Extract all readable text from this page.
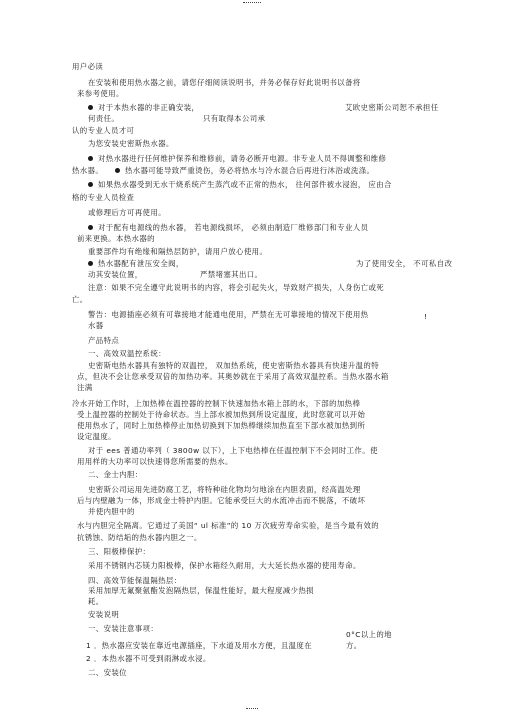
用户必读
在安装和使用热水器之前，请您仔细阅读说明书，并务必保存好此说明书以备将
来参考使用。
对于本热水器的非正确安装，	艾欧史密斯公司恕不承担任
何责任。	只有取得本公司承
认的专业人员才可
为您安装史密斯热水器。
对热水器进行任何维护保养和维修前，请务必断开电源。非专业人员不得调整和维修
热水器。	热水器可能导致严重烫伤，务必将热水与冷水混合后再进行沐浴或洗涤。
如果热水器受到无水干烧系统产生蒸汽或不正常的热水， 往何部件被水浸泡， 应由合
格的专业人员检查
或修理后方可再使用。
对于配有电源线的热水器， 若电源线损坏， 必须由制造厂维修部门和专业人员
前来更换。本热水器的
重要部件均有绝缘和隔热层防护，请用户放心使用。
热水器配有泄压安全阀，	为了使用安全， 不可私自改
动其安装位置，	严禁堵塞其出口。
注意：如果不完全遵守此说明书的内容，将会引起失火，导致财产损失，人身伤亡或死
亡。
警告：电源插座必须有可靠接地才能通电使用，严禁在无可靠接地的情况下使用热
水器
产品特点
一、高效双温控系统：
史密斯电热水器具有独特的双温控， 双加热系统，使史密斯热水器具有快速升温的特
点，但决不会让您承受双倍的加热功率。其奥妙就在于采用了高效双温控系。当热水器水箱
注满
冷水开始工作时，上加热棒在温控器的控制下快速加热水箱上部的水，下部的加热棒
受上温控器的控制处于待命状态。当上部水被加热到所设定温度，此时您就可以开始
使用热水了，同时上加热棒停止加热切换到下加热棒继续加热直至下部水被加热到所
设定温度。
对于 ees 普通功率列（ 3800w 以下），上下电热棒在任温控制下不会同时工作。使
用用样的大功率可以快速得您所需要的热水。
二、金士内胆：
史密斯公司运用先进防腐工艺，将特种硅化物均匀地涂在内胆表面，经高温处理
后与内壁融为一体，形成金士特护内胆。它能承受巨大的水流冲击而不脱落，不破坏
并使内胆中的
水与内胆完全隔离。它通过了美国“ ul 标准”的 10 万次疲劳寿命实验，是当今最有效的
抗锈蚀、防结垢的热水器内胆之一。
三、阳极棒保护：
采用不锈钢内芯镁力阳极棒，保护水箱经久耐用，大大延长热水器的使用寿命。
四、高效节能保温隔热层：
采用加厚无氟聚氨酯发泡隔热层，保温性能好，最大程度减少热损
耗。
安装说明
一、安装注意事项：
0°C以上的地
1 ．热水器应安装在靠近电源插座，下水道及用水方便，且温度在	方。
2 ．本热水器不可受到雨淋或水浸。
二、安装位
!
